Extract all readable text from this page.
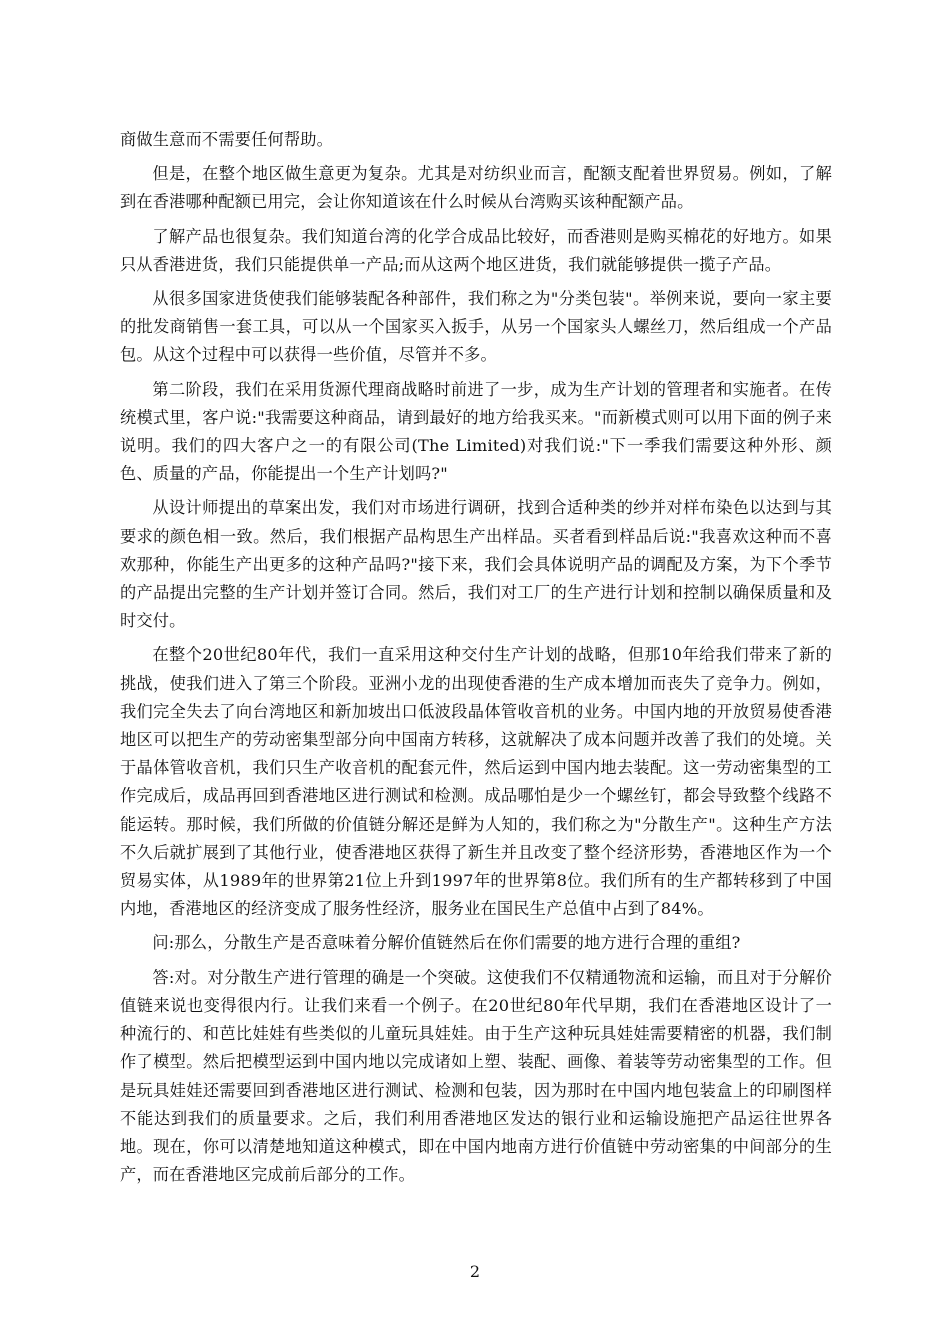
商做生意而不需要任何帮助。

但是，在整个地区做生意更为复杂。尤其是对纺织业而言，配额支配着世界贸易。例如，了解到在香港哪种配额已用完，会让你知道该在什么时候从台湾购买该种配额产品。

了解产品也很复杂。我们知道台湾的化学合成品比较好，而香港则是购买棉花的好地方。如果只从香港进货，我们只能提供单一产品;而从这两个地区进货，我们就能够提供一揽子产品。

从很多国家进货使我们能够装配各种部件，我们称之为"分类包装"。举例来说，要向一家主要的批发商销售一套工具，可以从一个国家买入扳手，从另一个国家头人螺丝刀，然后组成一个产品包。从这个过程中可以获得一些价值，尽管并不多。

第二阶段，我们在采用货源代理商战略时前进了一步，成为生产计划的管理者和实施者。在传统模式里，客户说:"我需要这种商品，请到最好的地方给我买来。"而新模式则可以用下面的例子来说明。我们的四大客户之一的有限公司(The Limited)对我们说:"下一季我们需要这种外形、颜色、质量的产品，你能提出一个生产计划吗?"

从设计师提出的草案出发，我们对市场进行调研，找到合适种类的纱并对样布染色以达到与其要求的颜色相一致。然后，我们根据产品构思生产出样品。买者看到样品后说:"我喜欢这种而不喜欢那种，你能生产出更多的这种产品吗?"接下来，我们会具体说明产品的调配及方案，为下个季节的产品提出完整的生产计划并签订合同。然后，我们对工厂的生产进行计划和控制以确保质量和及时交付。

在整个20世纪80年代，我们一直采用这种交付生产计划的战略，但那10年给我们带来了新的挑战，使我们进入了第三个阶段。亚洲小龙的出现使香港的生产成本增加而丧失了竞争力。例如，我们完全失去了向台湾地区和新加坡出口低波段晶体管收音机的业务。中国内地的开放贸易使香港地区可以把生产的劳动密集型部分向中国南方转移，这就解决了成本问题并改善了我们的处境。关于晶体管收音机，我们只生产收音机的配套元件，然后运到中国内地去装配。这一劳动密集型的工作完成后，成品再回到香港地区进行测试和检测。成品哪怕是少一个螺丝钉，都会导致整个线路不能运转。那时候，我们所做的价值链分解还是鲜为人知的，我们称之为"分散生产"。这种生产方法不久后就扩展到了其他行业，使香港地区获得了新生并且改变了整个经济形势，香港地区作为一个贸易实体，从1989年的世界第21位上升到1997年的世界第8位。我们所有的生产都转移到了中国内地，香港地区的经济变成了服务性经济，服务业在国民生产总值中占到了84%。

问:那么，分散生产是否意味着分解价值链然后在你们需要的地方进行合理的重组?

答:对。对分散生产进行管理的确是一个突破。这使我们不仅精通物流和运输，而且对于分解价值链来说也变得很内行。让我们来看一个例子。在20世纪80年代早期，我们在香港地区设计了一种流行的、和芭比娃娃有些类似的儿童玩具娃娃。由于生产这种玩具娃娃需要精密的机器，我们制作了模型。然后把模型运到中国内地以完成诸如上塑、装配、画像、着装等劳动密集型的工作。但是玩具娃娃还需要回到香港地区进行测试、检测和包装，因为那时在中国内地包装盒上的印刷图样不能达到我们的质量要求。之后，我们利用香港地区发达的银行业和运输设施把产品运往世界各地。现在，你可以清楚地知道这种模式，即在中国内地南方进行价值链中劳动密集的中间部分的生产，而在香港地区完成前后部分的工作。

2
